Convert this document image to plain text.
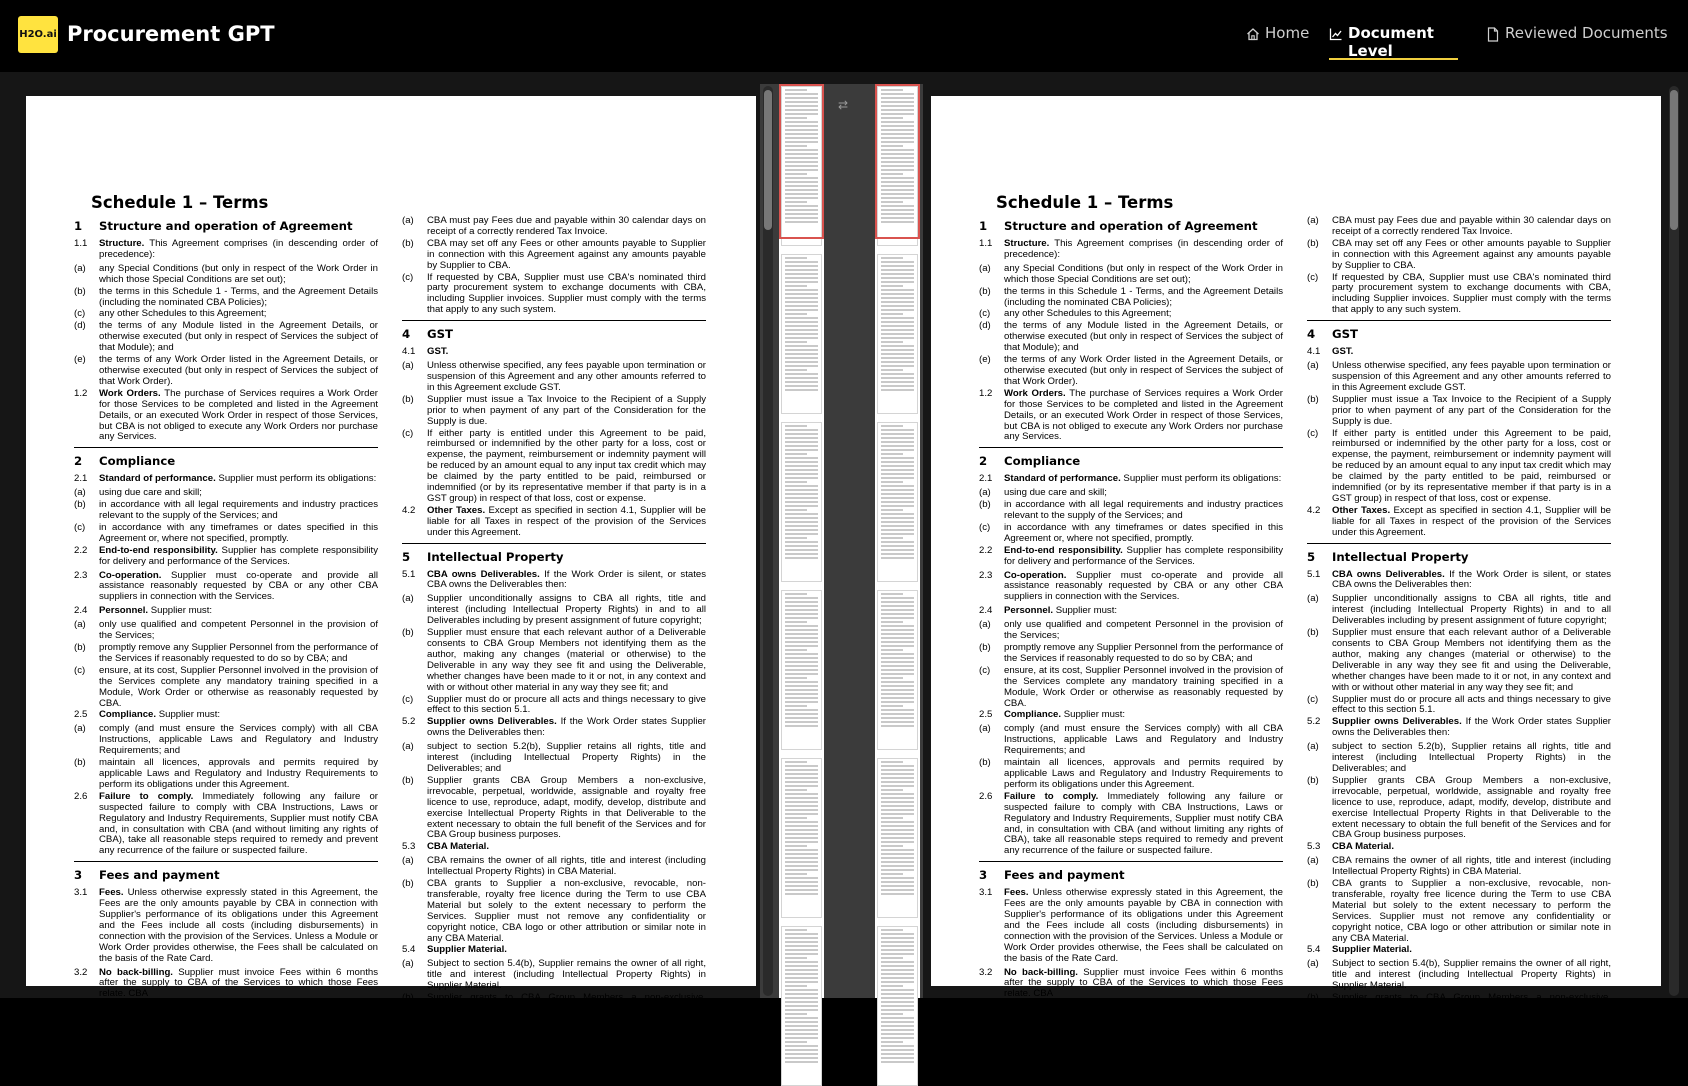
H2O.ai Procurement GPT	Home	Document Level
Reviewed Documents
Schedule 1 – Terms
1	Structure and operation of Agreement
1.1	Structure. This Agreement comprises (in descending order of precedence):
(a)	any Special Conditions (but only in respect of the Work Order in which those Special Conditions are set out);
(b)	the terms in this Schedule 1 - Terms, and the Agreement Details (including the nominated CBA Policies);
(c)	any other Schedules to this Agreement;
(d)	the terms of any Module listed in the Agreement Details, or otherwise executed (but only in respect of Services the subject of that Module); and
(e)	the terms of any Work Order listed in the Agreement Details, or otherwise executed (but only in respect of Services the subject of that Work Order).
1.2	Work Orders. The purchase of Services requires a Work Order for those Services to be completed and listed in the Agreement Details, or an executed Work Order in respect of those Services, but CBA is not obliged to execute any Work Orders nor purchase any Services.
2	Compliance
2.1	Standard of performance. Supplier must perform its obligations:
(a)	using due care and skill;
(b)	in accordance with all legal requirements and industry practices relevant to the supply of the Services; and
(c)	in accordance with any timeframes or dates specified in this Agreement or, where not specified, promptly.
2.2	End-to-end responsibility. Supplier has complete responsibility for delivery and performance of the Services.
2.3	Co-operation. Supplier must co-operate and provide all assistance reasonably requested by CBA or any other CBA suppliers in connection with the Services.
2.4	Personnel. Supplier must:
(a)	only use qualified and competent Personnel in the provision of the Services;
(b)	promptly remove any Supplier Personnel from the performance of the Services if reasonably requested to do so by CBA; and
(c)	ensure, at its cost, Supplier Personnel involved in the provision of the Services complete any mandatory training specified in a Module, Work Order or otherwise as reasonably requested by CBA.
2.5	Compliance. Supplier must:
(a)	comply (and must ensure the Services comply) with all CBA Instructions, applicable Laws and Regulatory and Industry Requirements; and
(b)	maintain all licences, approvals and permits required by applicable Laws and Regulatory and Industry Requirements to perform its obligations under this Agreement.
2.6	Failure to comply. Immediately following any failure or suspected failure to comply with CBA Instructions, Laws or Regulatory and Industry Requirements, Supplier must notify CBA and, in consultation with CBA (and without limiting any rights of CBA), take all reasonable steps required to remedy and prevent any recurrence of the failure or suspected failure.
3	Fees and payment
3.1	Fees. Unless otherwise expressly stated in this Agreement, the Fees are the only amounts payable by CBA in connection with Supplier's performance of its obligations under this Agreement and the Fees include all costs (including disbursements) in connection with the provision of the Services. Unless a Module or Work Order provides otherwise, the Fees shall be calculated on the basis of the Rate Card.
3.2	No back-billing. Supplier must invoice Fees within 6 months after the supply to CBA of the Services to which those Fees relate. CBA
(a)	CBA must pay Fees due and payable within 30 calendar days on receipt of a correctly rendered Tax Invoice.
(b)	CBA may set off any Fees or other amounts payable to Supplier in connection with this Agreement against any amounts payable by Supplier to CBA.
(c)	If requested by CBA, Supplier must use CBA's nominated third party procurement system to exchange documents with CBA, including Supplier invoices. Supplier must comply with the terms that apply to any such system.
4	GST
4.1	GST.
(a)	Unless otherwise specified, any fees payable upon termination or suspension of this Agreement and any other amounts referred to in this Agreement exclude GST.
(b)	Supplier must issue a Tax Invoice to the Recipient of a Supply prior to when payment of any part of the Consideration for the Supply is due.
(c)	If either party is entitled under this Agreement to be paid, reimbursed or indemnified by the other party for a loss, cost or expense, the payment, reimbursement or indemnity payment will be reduced by an amount equal to any input tax credit which may be claimed by the party entitled to be paid, reimbursed or indemnified (or by its representative member if that party is in a GST group) in respect of that loss, cost or expense.
4.2	Other Taxes. Except as specified in section 4.1, Supplier will be liable for all Taxes in respect of the provision of the Services under this Agreement.
5	Intellectual Property
5.1	CBA owns Deliverables. If the Work Order is silent, or states CBA owns the Deliverables then:
(a)	Supplier unconditionally assigns to CBA all rights, title and interest (including Intellectual Property Rights) in and to all Deliverables including by present assignment of future copyright;
(b)	Supplier must ensure that each relevant author of a Deliverable consents to CBA Group Members not identifying them as the author, making any changes (material or otherwise) to the Deliverable in any way they see fit and using the Deliverable, whether changes have been made to it or not, in any context and with or without other material in any way they see fit; and
(c)	Supplier must do or procure all acts and things necessary to give effect to this section 5.1.
5.2	Supplier owns Deliverables. If the Work Order states Supplier owns the Deliverables then:
(a)	subject to section 5.2(b), Supplier retains all rights, title and interest (including Intellectual Property Rights) in the Deliverables; and
(b)	Supplier grants CBA Group Members a non-exclusive, irrevocable, perpetual, worldwide, assignable and royalty free licence to use, reproduce, adapt, modify, develop, distribute and exercise Intellectual Property Rights in that Deliverable to the extent necessary to obtain the full benefit of the Services and for CBA Group business purposes.
5.3	CBA Material.
(a)	CBA remains the owner of all rights, title and interest (including Intellectual Property Rights) in CBA Material.
(b)	CBA grants to Supplier a non-exclusive, revocable, non-transferable, royalty free licence during the Term to use CBA Material but solely to the extent necessary to perform the Services. Supplier must not remove any confidentiality or copyright notice, CBA logo or other attribution or similar note in any CBA Material.
5.4	Supplier Material.
(a)	Subject to section 5.4(b), Supplier remains the owner of all right, title and interest (including Intellectual Property Rights) in Supplier Material.
(b)	Supplier grants to CBA Group Members a non-exclusive, irrevocable, perpetual, worldwide, assignable and royalty free
⇄
Schedule 1 – Terms
1	Structure and operation of Agreement
1.1	Structure. This Agreement comprises (in descending order of precedence):
(a)	any Special Conditions (but only in respect of the Work Order in which those Special Conditions are set out);
(b)	the terms in this Schedule 1 - Terms, and the Agreement Details (including the nominated CBA Policies);
(c)	any other Schedules to this Agreement;
(d)	the terms of any Module listed in the Agreement Details, or otherwise executed (but only in respect of Services the subject of that Module); and
(e)	the terms of any Work Order listed in the Agreement Details, or otherwise executed (but only in respect of Services the subject of that Work Order).
1.2	Work Orders. The purchase of Services requires a Work Order for those Services to be completed and listed in the Agreement Details, or an executed Work Order in respect of those Services, but CBA is not obliged to execute any Work Orders nor purchase any Services.
2	Compliance
2.1	Standard of performance. Supplier must perform its obligations:
(a)	using due care and skill;
(b)	in accordance with all legal requirements and industry practices relevant to the supply of the Services; and
(c)	in accordance with any timeframes or dates specified in this Agreement or, where not specified, promptly.
2.2	End-to-end responsibility. Supplier has complete responsibility for delivery and performance of the Services.
2.3	Co-operation. Supplier must co-operate and provide all assistance reasonably requested by CBA or any other CBA suppliers in connection with the Services.
2.4	Personnel. Supplier must:
(a)	only use qualified and competent Personnel in the provision of the Services;
(b)	promptly remove any Supplier Personnel from the performance of the Services if reasonably requested to do so by CBA; and
(c)	ensure, at its cost, Supplier Personnel involved in the provision of the Services complete any mandatory training specified in a Module, Work Order or otherwise as reasonably requested by CBA.
2.5	Compliance. Supplier must:
(a)	comply (and must ensure the Services comply) with all CBA Instructions, applicable Laws and Regulatory and Industry Requirements; and
(b)	maintain all licences, approvals and permits required by applicable Laws and Regulatory and Industry Requirements to perform its obligations under this Agreement.
2.6	Failure to comply. Immediately following any failure or suspected failure to comply with CBA Instructions, Laws or Regulatory and Industry Requirements, Supplier must notify CBA and, in consultation with CBA (and without limiting any rights of CBA), take all reasonable steps required to remedy and prevent any recurrence of the failure or suspected failure.
3	Fees and payment
3.1	Fees. Unless otherwise expressly stated in this Agreement, the Fees are the only amounts payable by CBA in connection with Supplier's performance of its obligations under this Agreement and the Fees include all costs (including disbursements) in connection with the provision of the Services. Unless a Module or Work Order provides otherwise, the Fees shall be calculated on the basis of the Rate Card.
3.2	No back-billing. Supplier must invoice Fees within 6 months after the supply to CBA of the Services to which those Fees relate. CBA
(a)	CBA must pay Fees due and payable within 30 calendar days on receipt of a correctly rendered Tax Invoice.
(b)	CBA may set off any Fees or other amounts payable to Supplier in connection with this Agreement against any amounts payable by Supplier to CBA.
(c)	If requested by CBA, Supplier must use CBA's nominated third party procurement system to exchange documents with CBA, including Supplier invoices. Supplier must comply with the terms that apply to any such system.
4	GST
4.1	GST.
(a)	Unless otherwise specified, any fees payable upon termination or suspension of this Agreement and any other amounts referred to in this Agreement exclude GST.
(b)	Supplier must issue a Tax Invoice to the Recipient of a Supply prior to when payment of any part of the Consideration for the Supply is due.
(c)	If either party is entitled under this Agreement to be paid, reimbursed or indemnified by the other party for a loss, cost or expense, the payment, reimbursement or indemnity payment will be reduced by an amount equal to any input tax credit which may be claimed by the party entitled to be paid, reimbursed or indemnified (or by its representative member if that party is in a GST group) in respect of that loss, cost or expense.
4.2	Other Taxes. Except as specified in section 4.1, Supplier will be liable for all Taxes in respect of the provision of the Services under this Agreement.
5	Intellectual Property
5.1	CBA owns Deliverables. If the Work Order is silent, or states CBA owns the Deliverables then:
(a)	Supplier unconditionally assigns to CBA all rights, title and interest (including Intellectual Property Rights) in and to all Deliverables including by present assignment of future copyright;
(b)	Supplier must ensure that each relevant author of a Deliverable consents to CBA Group Members not identifying them as the author, making any changes (material or otherwise) to the Deliverable in any way they see fit and using the Deliverable, whether changes have been made to it or not, in any context and with or without other material in any way they see fit; and
(c)	Supplier must do or procure all acts and things necessary to give effect to this section 5.1.
5.2	Supplier owns Deliverables. If the Work Order states Supplier owns the Deliverables then:
(a)	subject to section 5.2(b), Supplier retains all rights, title and interest (including Intellectual Property Rights) in the Deliverables; and
(b)	Supplier grants CBA Group Members a non-exclusive, irrevocable, perpetual, worldwide, assignable and royalty free licence to use, reproduce, adapt, modify, develop, distribute and exercise Intellectual Property Rights in that Deliverable to the extent necessary to obtain the full benefit of the Services and for CBA Group business purposes.
5.3	CBA Material.
(a)	CBA remains the owner of all rights, title and interest (including Intellectual Property Rights) in CBA Material.
(b)	CBA grants to Supplier a non-exclusive, revocable, non-transferable, royalty free licence during the Term to use CBA Material but solely to the extent necessary to perform the Services. Supplier must not remove any confidentiality or copyright notice, CBA logo or other attribution or similar note in any CBA Material.
5.4	Supplier Material.
(a)	Subject to section 5.4(b), Supplier remains the owner of all right, title and interest (including Intellectual Property Rights) in Supplier Material.
(b)	Supplier grants to CBA Group Members a non-exclusive, irrevocable, perpetual, worldwide, assignable and royalty free
